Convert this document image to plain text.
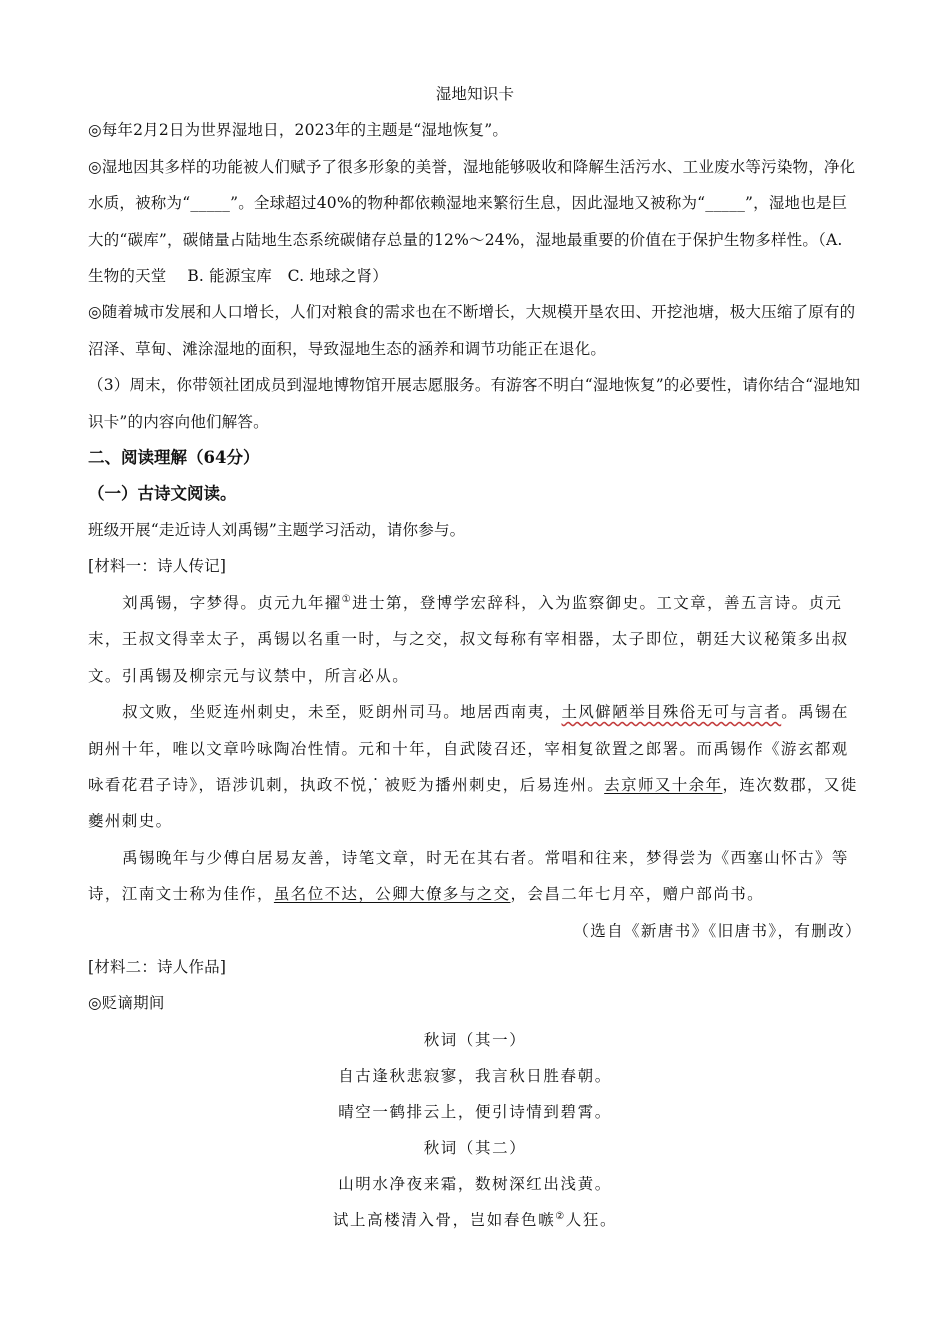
湿地知识卡

◎每年2月2日为世界湿地日，2023年的主题是“湿地恢复”。

◎湿地因其多样的功能被人们赋予了很多形象的美誉，湿地能够吸收和降解生活污水、工业废水等污染物，净化水质，被称为“_____”。全球超过40%的物种都依赖湿地来繁衍生息，因此湿地又被称为“_____”，湿地也是巨大的“碳库”，碳储量占陆地生态系统碳储存总量的12%～24%，湿地最重要的价值在于保护生物多样性。（A. 生物的天堂　 B. 能源宝库　C. 地球之肾）

◎随着城市发展和人口增长，人们对粮食的需求也在不断增长，大规模开垦农田、开挖池塘，极大压缩了原有的沼泽、草甸、滩涂湿地的面积，导致湿地生态的涵养和调节功能正在退化。

（3）周末，你带领社团成员到湿地博物馆开展志愿服务。有游客不明白“湿地恢复”的必要性，请你结合“湿地知识卡”的内容向他们解答。

二、阅读理解（64分）
（一）古诗文阅读。

班级开展“走近诗人刘禹锡”主题学习活动，请你参与。

[材料一：诗人传记]

刘禹锡，字梦得。贞元九年擢①进士第，登博学宏辞科，入为监察御史。工文章，善五言诗。贞元末，王叔文得幸太子，禹锡以名重一时，与之交，叔文每称有宰相器，太子即位，朝廷大议秘策多出叔文。引禹锡及柳宗元与议禁中，所言必从。

叔文败，坐贬连州刺史，未至，贬朗州司马。地居西南夷，土风僻陋举目殊俗无可与言者。禹锡在朗州十年，唯以文章吟咏陶冶性情。元和十年，自武陵召还，宰相复欲置之郎署。而禹锡作《游玄都观咏看花君子诗》，语涉讥刺，执政不悦，被贬为播州刺史，后易连州。去京师又十余年，连次数郡，又徙夔州刺史。

禹锡晚年与少傅白居易友善，诗笔文章，时无在其右者。常唱和往来，梦得尝为《西塞山怀古》等诗，江南文士称为佳作，虽名位不达，公卿大僚多与之交，会昌二年七月卒，赠户部尚书。

（选自《新唐书》《旧唐书》，有删改）

[材料二：诗人作品]

◎贬谪期间

秋词（其一）
自古逢秋悲寂寥，我言秋日胜春朝。
晴空一鹤排云上，便引诗情到碧霄。
秋词（其二）
山明水净夜来霜，数树深红出浅黄。
试上高楼清入骨，岂如春色嗾②人狂。
